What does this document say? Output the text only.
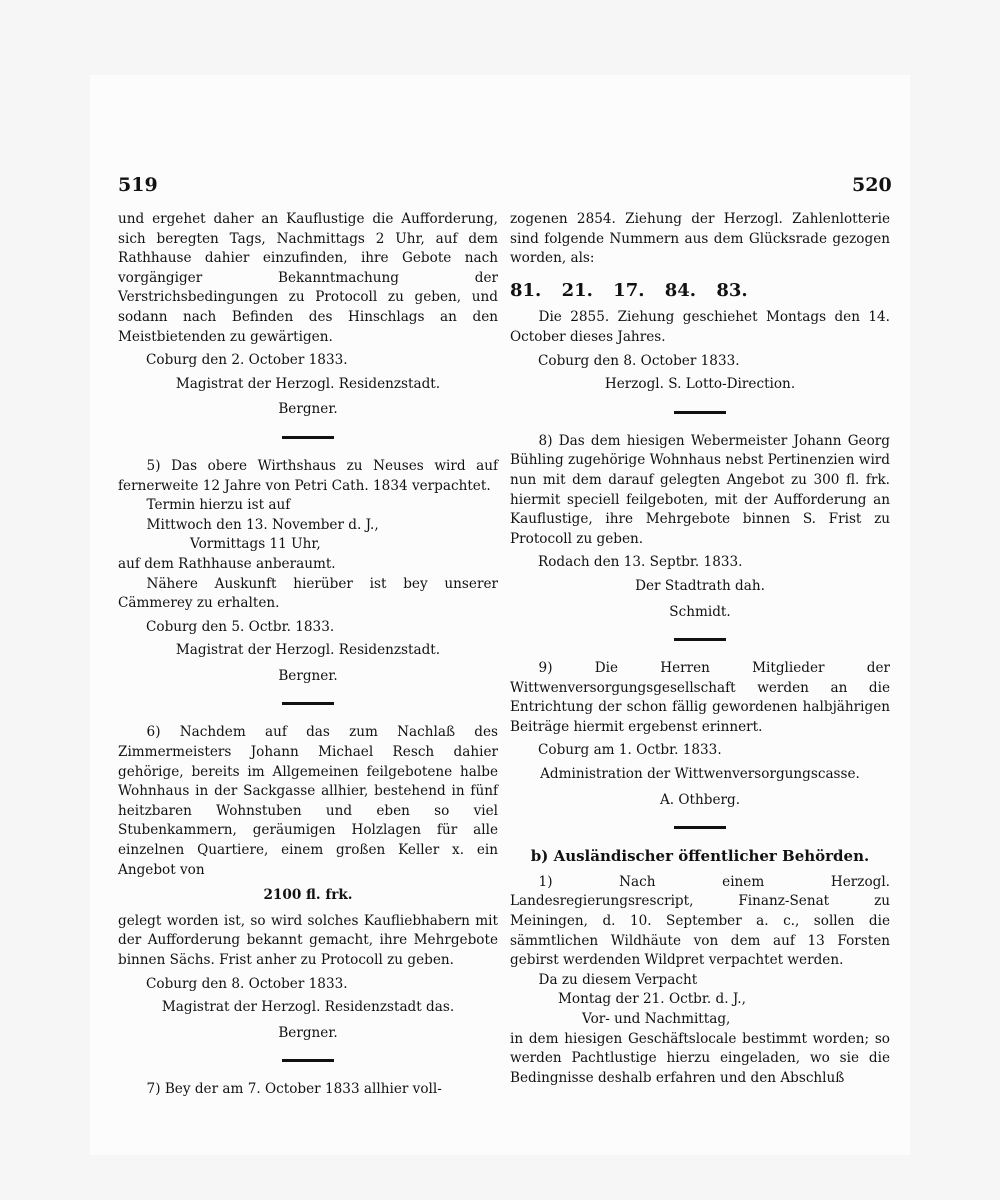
519	520

und ergehet daher an Kauflustige die Aufforderung, sich beregten Tags, Nachmittags 2 Uhr, auf dem Rathhause dahier einzufinden, ihre Gebote nach vorgängiger Bekanntmachung der Verstrichsbedingungen zu Protocoll zu geben, und sodann nach Befinden des Hinschlags an den Meistbietenden zu gewärtigen.

Coburg den 2. October 1833.

Magistrat der Herzogl. Residenzstadt.

Bergner.

5) Das obere Wirthshaus zu Neuses wird auf fernerweite 12 Jahre von Petri Cath. 1834 verpachtet.

Termin hierzu ist auf

Mittwoch den 13. November d. J.,

Vormittags 11 Uhr,

auf dem Rathhause anberaumt.

Nähere Auskunft hierüber ist bey unserer Cämmerey zu erhalten.

Coburg den 5. Octbr. 1833.

Magistrat der Herzogl. Residenzstadt.

Bergner.

6) Nachdem auf das zum Nachlaß des Zimmermeisters Johann Michael Resch dahier gehörige, bereits im Allgemeinen feilgebotene halbe Wohnhaus in der Sackgasse allhier, bestehend in fünf heitzbaren Wohnstuben und eben so viel Stubenkammern, geräumigen Holzlagen für alle einzelnen Quartiere, einem großen Keller x. ein Angebot von

2100 fl. frk.

gelegt worden ist, so wird solches Kaufliebhabern mit der Aufforderung bekannt gemacht, ihre Mehrgebote binnen Sächs. Frist anher zu Protocoll zu geben.

Coburg den 8. October 1833.

Magistrat der Herzogl. Residenzstadt das.

Bergner.

7) Bey der am 7. October 1833 allhier voll-

zogenen 2854. Ziehung der Herzogl. Zahlenlotterie sind folgende Nummern aus dem Glücksrade gezogen worden, als:

81. 21. 17. 84. 83.

Die 2855. Ziehung geschiehet Montags den 14. October dieses Jahres.

Coburg den 8. October 1833.

Herzogl. S. Lotto-Direction.

8) Das dem hiesigen Webermeister Johann Georg Bühling zugehörige Wohnhaus nebst Pertinenzien wird nun mit dem darauf gelegten Angebot zu 300 fl. frk. hiermit speciell feilgeboten, mit der Aufforderung an Kauflustige, ihre Mehrgebote binnen S. Frist zu Protocoll zu geben.

Rodach den 13. Septbr. 1833.

Der Stadtrath dah.

Schmidt.

9) Die Herren Mitglieder der Wittwenversorgungsgesellschaft werden an die Entrichtung der schon fällig gewordenen halbjährigen Beiträge hiermit ergebenst erinnert.

Coburg am 1. Octbr. 1833.

Administration der Wittwenversorgungscasse.

A. Othberg.

b) Ausländischer öffentlicher Behörden.

1) Nach einem Herzogl. Landesregierungsrescript, Finanz-Senat zu Meiningen, d. 10. September a. c., sollen die sämmtlichen Wildhäute von dem auf 13 Forsten gebirst werdenden Wildpret verpachtet werden.

Da zu diesem Verpacht

Montag der 21. Octbr. d. J.,

Vor- und Nachmittag,

in dem hiesigen Geschäftslocale bestimmt worden; so werden Pachtlustige hierzu eingeladen, wo sie die Bedingnisse deshalb erfahren und den Abschluß
